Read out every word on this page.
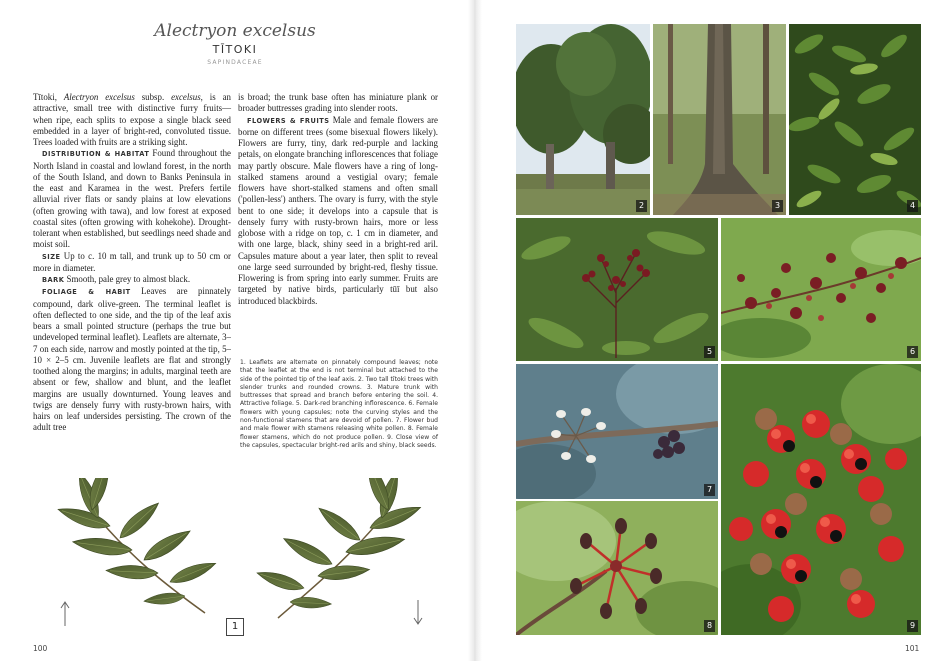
Alectryon excelsus
TĪTOKI
SAPINDACEAE

Tītoki, Alectryon excelsus subsp. excelsus, is an attractive, small tree with distinctive furry fruits—when ripe, each splits to expose a single black seed embedded in a layer of bright-red, convoluted tissue. Trees loaded with fruits are a striking sight.

DISTRIBUTION & HABITAT Found throughout the North Island in coastal and lowland forest, in the north of the South Island, and down to Banks Peninsula in the east and Karamea in the west. Prefers fertile alluvial river flats or sandy plains at low elevations (often growing with tawa), and low forest at exposed coastal sites (often growing with kohekohe). Drought-tolerant when established, but seedlings need shade and moist soil.

SIZE Up to c. 10 m tall, and trunk up to 50 cm or more in diameter.

BARK Smooth, pale grey to almost black.

FOLIAGE & HABIT Leaves are pinnately compound, dark olive-green. The terminal leaflet is often deflected to one side, and the tip of the leaf axis bears a small pointed structure (perhaps the true but undeveloped terminal leaflet). Leaflets are alternate, 3–7 on each side, narrow and mostly pointed at the tip, 5–10 × 2–5 cm. Juvenile leaflets are flat and strongly toothed along the margins; in adults, marginal teeth are absent or few, shallow and blunt, and the leaflet margins are usually downturned. Young leaves and twigs are densely furry with rusty-brown hairs, with hairs on leaf undersides persisting. The crown of the adult tree

is broad; the trunk base often has miniature plank or broader buttresses grading into slender roots.

FLOWERS & FRUITS Male and female flowers are borne on different trees (some bisexual flowers likely). Flowers are furry, tiny, dark red-purple and lacking petals, on elongate branching inflorescences that foliage may partly obscure. Male flowers have a ring of long-stalked stamens around a vestigial ovary; female flowers have short-stalked stamens and often small ('pollen-less') anthers. The ovary is furry, with the style bent to one side; it develops into a capsule that is densely furry with rusty-brown hairs, more or less globose with a ridge on top, c. 1 cm in diameter, and with one large, black, shiny seed in a bright-red aril. Capsules mature about a year later, then split to reveal one large seed surrounded by bright-red, fleshy tissue. Flowering is from spring into early summer. Fruits are targeted by native birds, particularly tūī but also introduced blackbirds.

1. Leaflets are alternate on pinnately compound leaves; note that the leaflet at the end is not terminal but attached to the side of the pointed tip of the leaf axis. 2. Two tall tītoki trees with slender trunks and rounded crowns. 3. Mature trunk with buttresses that spread and branch before entering the soil. 4. Attractive foliage. 5. Dark-red branching inflorescence. 6. Female flowers with young capsules; note the curving styles and the non-functional stamens that are devoid of pollen. 7. Flower bud and male flower with stamens releasing white pollen. 8. Female flower stamens, which do not produce pollen. 9. Close view of the capsules, spectacular bright-red arils and shiny, black seeds.
1
100	101
2	3	4
5	6
7
8	9
